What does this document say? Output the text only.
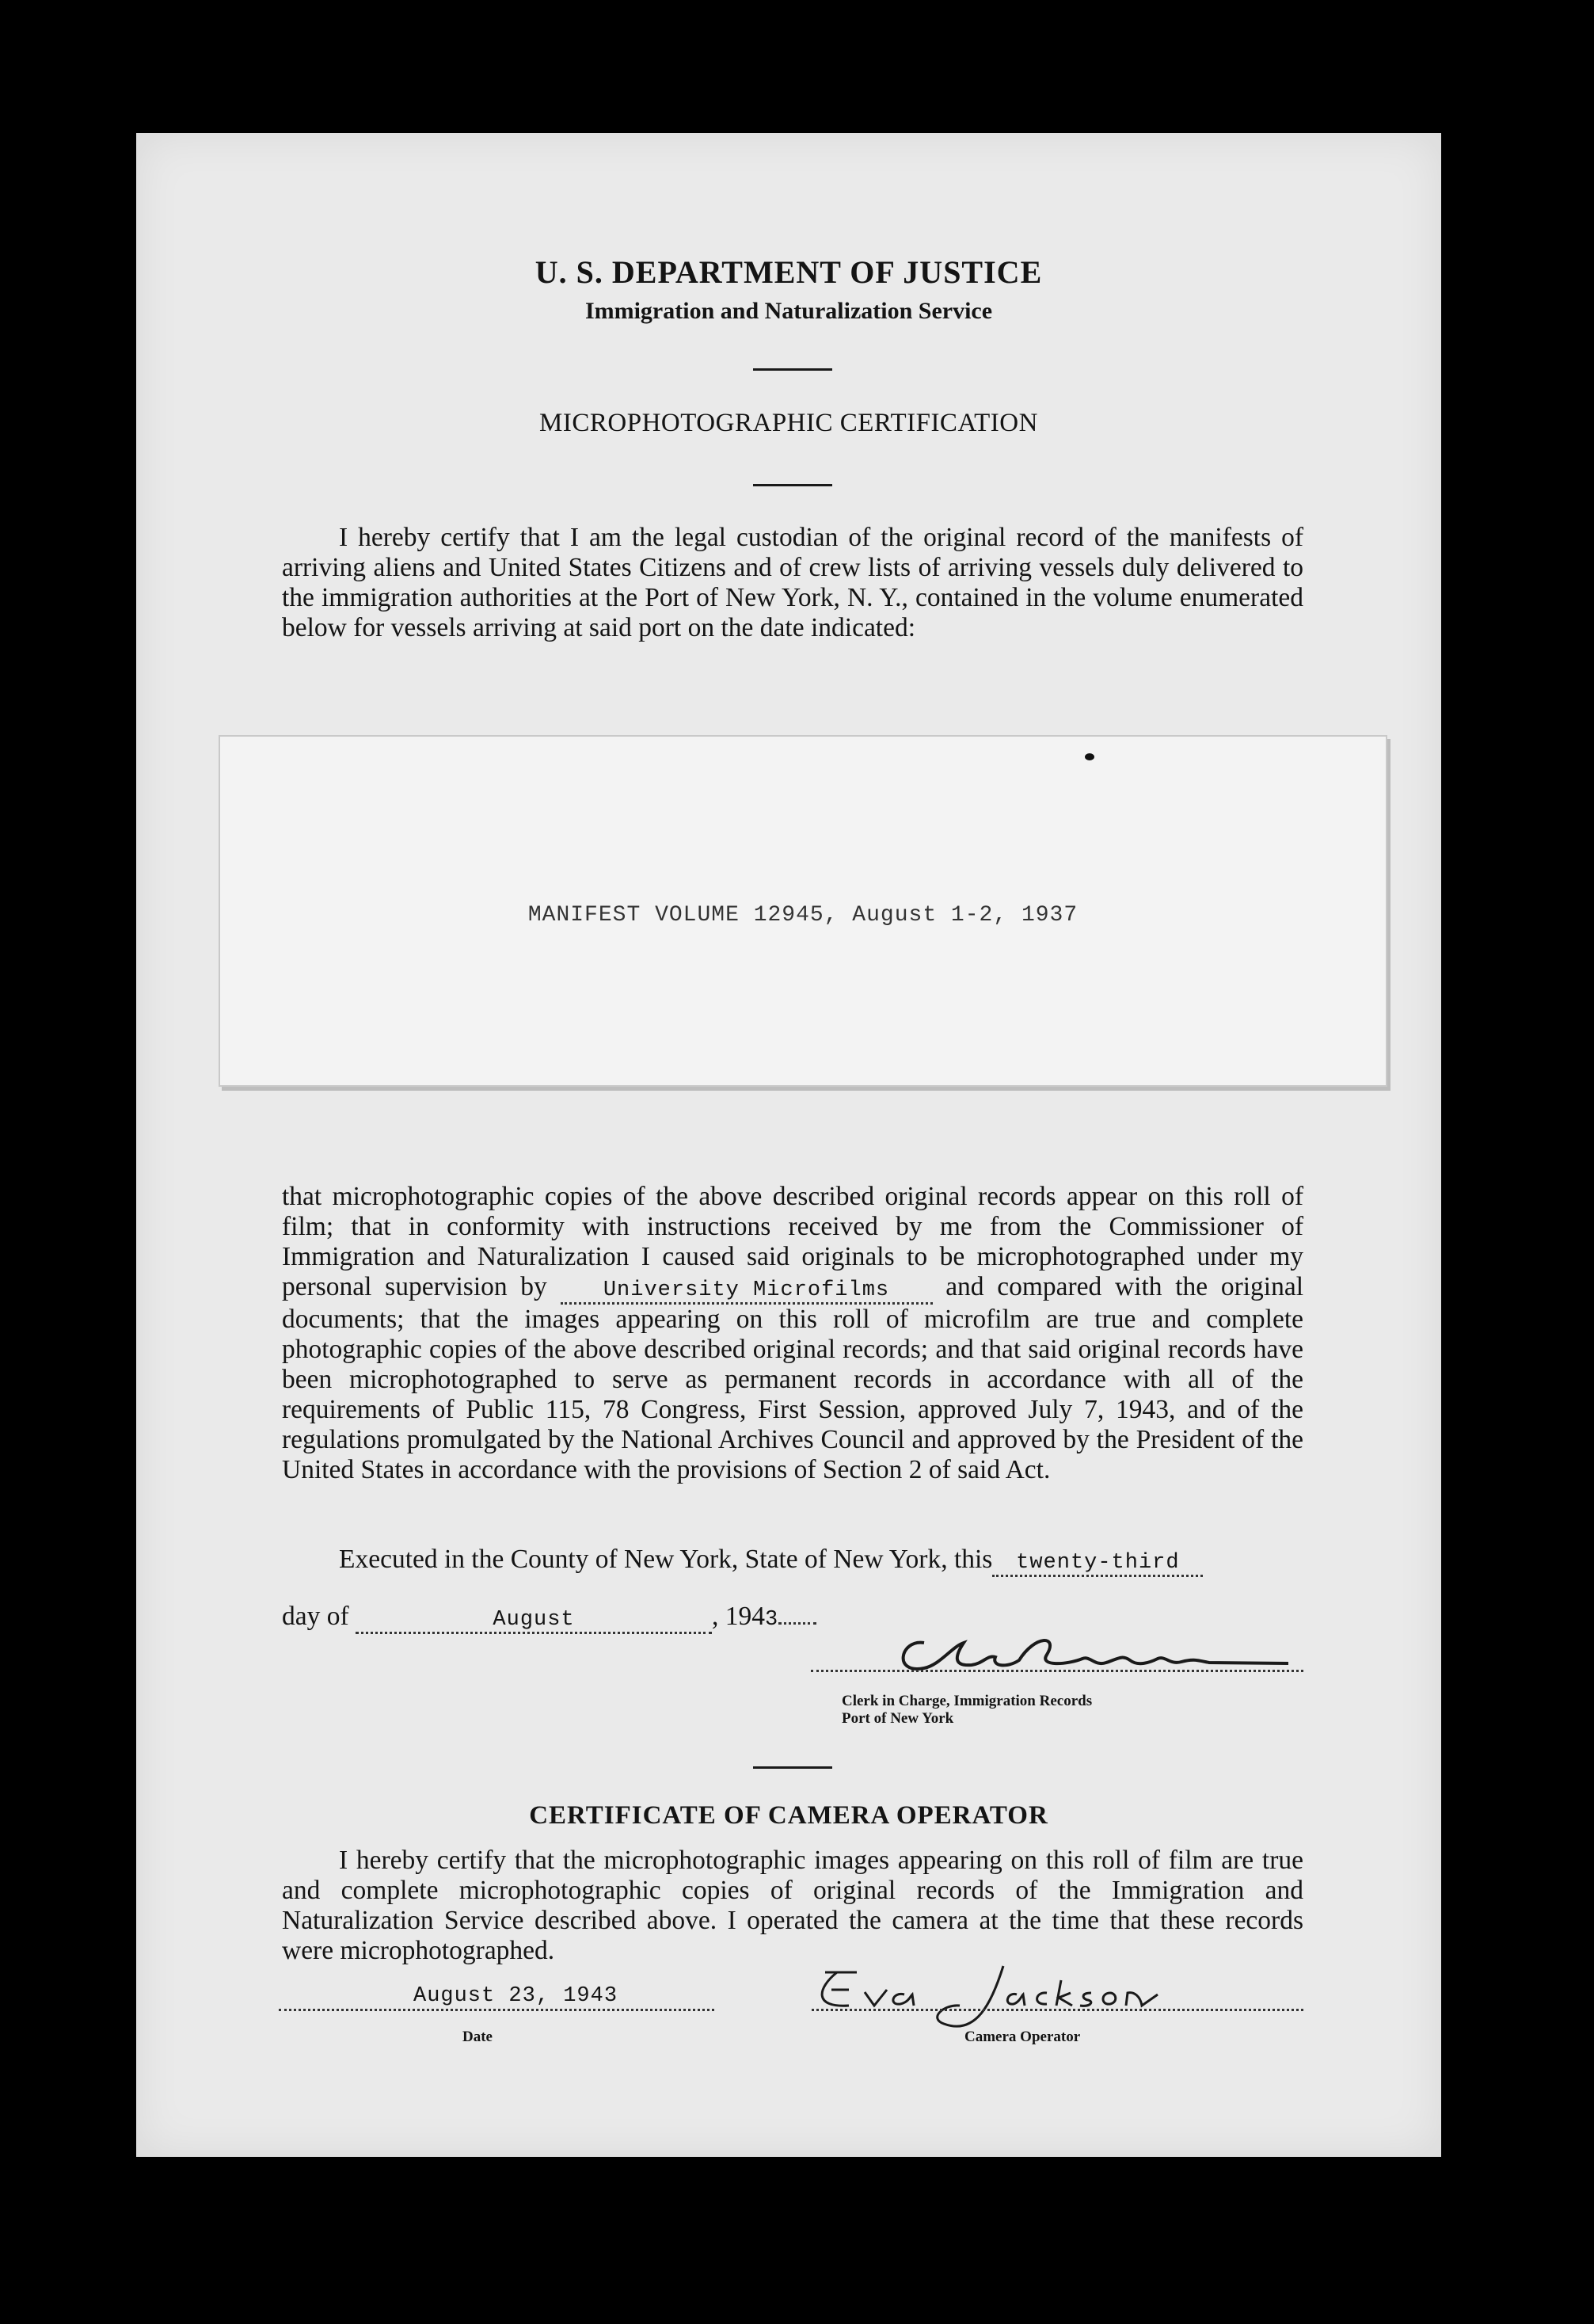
U. S. DEPARTMENT OF JUSTICE
Immigration and Naturalization Service
MICROPHOTOGRAPHIC CERTIFICATION

I hereby certify that I am the legal custodian of the original record of the manifests of arriving aliens and United States Citizens and of crew lists of arriving vessels duly delivered to the immigration authorities at the Port of New York, N. Y., contained in the volume enumerated below for vessels arriving at said port on the date indicated:

MANIFEST VOLUME 12945, August 1-2, 1937

that microphotographic copies of the above described original records appear on this roll of film; that in conformity with instructions received by me from the Commissioner of Immigration and Naturalization I caused said originals to be microphotographed under my personal supervision by	University Microfilms and compared with the original documents; that the images appearing on this roll of microfilm are true and complete photographic copies of the above described original records; and that said original records have been microphotographed to serve as permanent records in accordance with all of the requirements of Public 115, 78 Congress, First Session, approved July 7, 1943, and of the regulations promulgated by the National Archives Council and approved by the President of the United States in accordance with the provisions of Section 2 of said Act.

Executed in the County of New York, State of New York, this twenty-third
day of	August	, 1943
Clerk in Charge, Immigration Records
Port of New York
CERTIFICATE OF CAMERA OPERATOR

I hereby certify that the microphotographic images appearing on this roll of film are true and complete microphotographic copies of original records of the Immigration and Naturalization Service described above. I operated the camera at the time that these records were microphotographed.

August 23, 1943
Date	Camera Operator
